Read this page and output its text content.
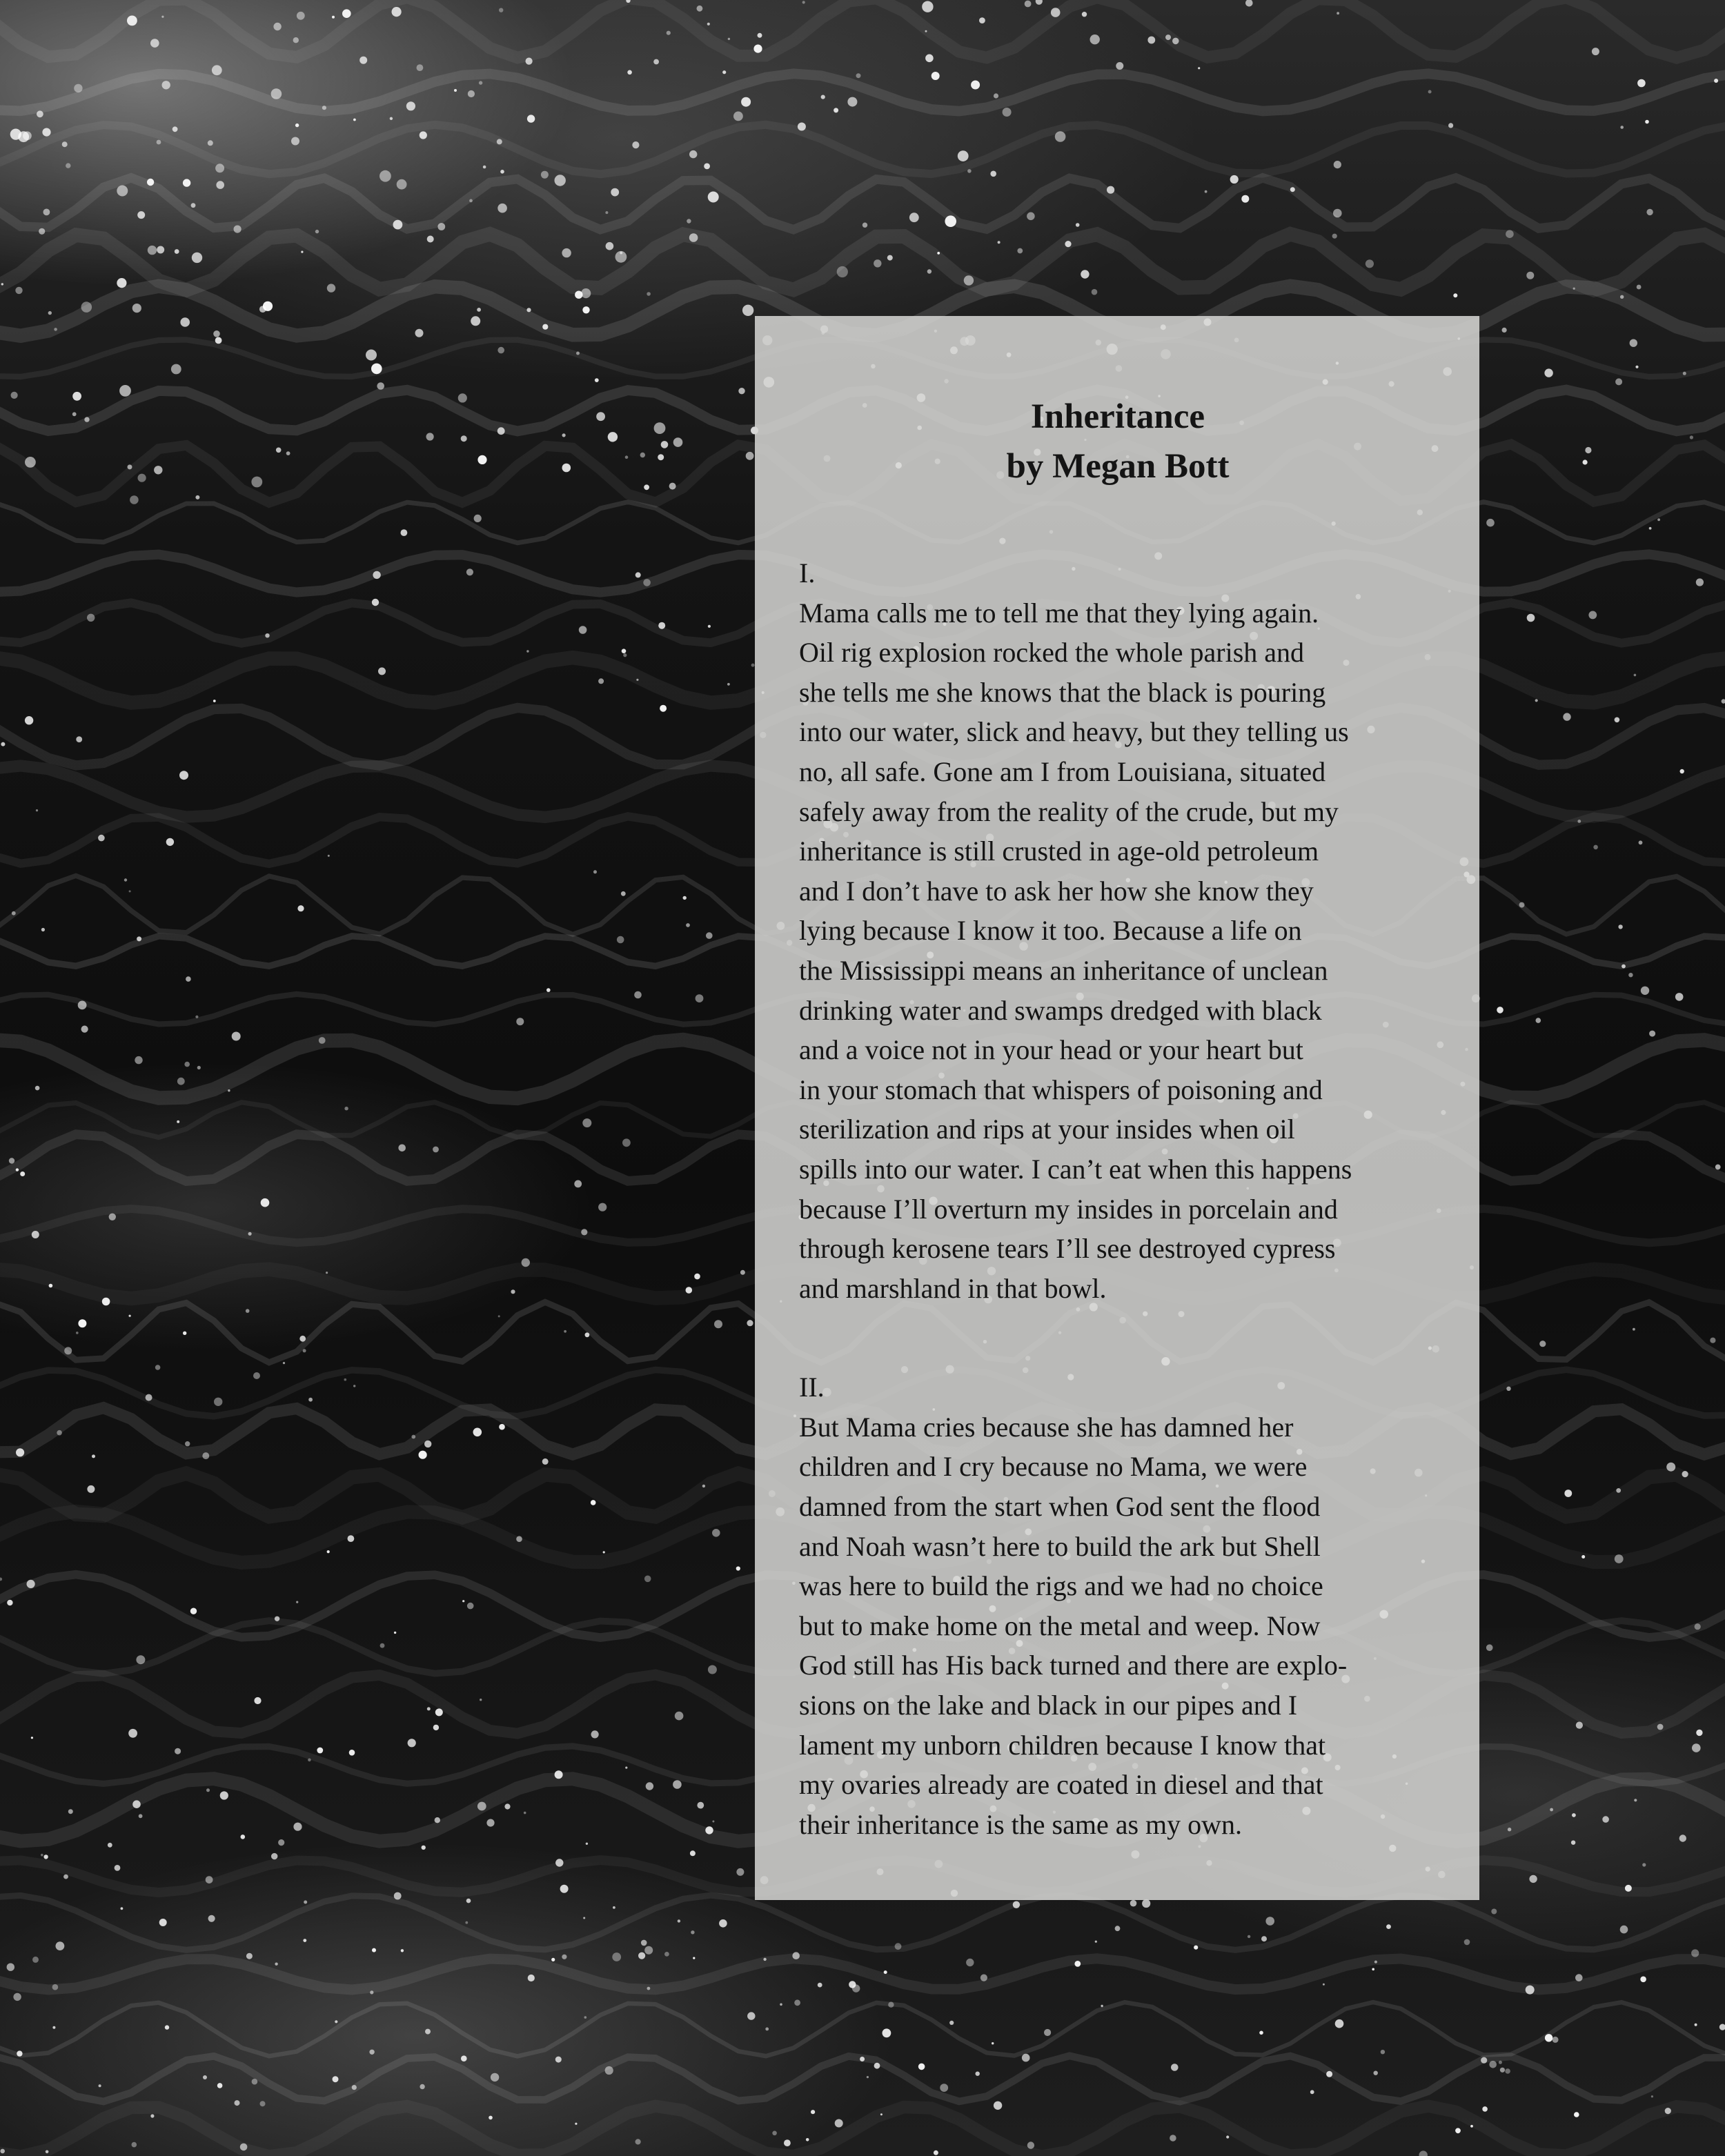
Inheritance
by Megan Bott

I.

Mama calls me to tell me that they lying again.
Oil rig explosion rocked the whole parish and
she tells me she knows that the black is pouring
into our water, slick and heavy, but they telling us
no, all safe. Gone am I from Louisiana, situated
safely away from the reality of the crude, but my
inheritance is still crusted in age-old petroleum
and I don’t have to ask her how she know they
lying because I know it too. Because a life on
the Mississippi means an inheritance of unclean
drinking water and swamps dredged with black
and a voice not in your head or your heart but
in your stomach that whispers of poisoning and
sterilization and rips at your insides when oil
spills into our water. I can’t eat when this happens
because I’ll overturn my insides in porcelain and
through kerosene tears I’ll see destroyed cypress
and marshland in that bowl.

II.

But Mama cries because she has damned her
children and I cry because no Mama, we were
damned from the start when God sent the flood
and Noah wasn’t here to build the ark but Shell
was here to build the rigs and we had no choice
but to make home on the metal and weep. Now
God still has His back turned and there are explo-
sions on the lake and black in our pipes and I
lament my unborn children because I know that
my ovaries already are coated in diesel and that
their inheritance is the same as my own.
